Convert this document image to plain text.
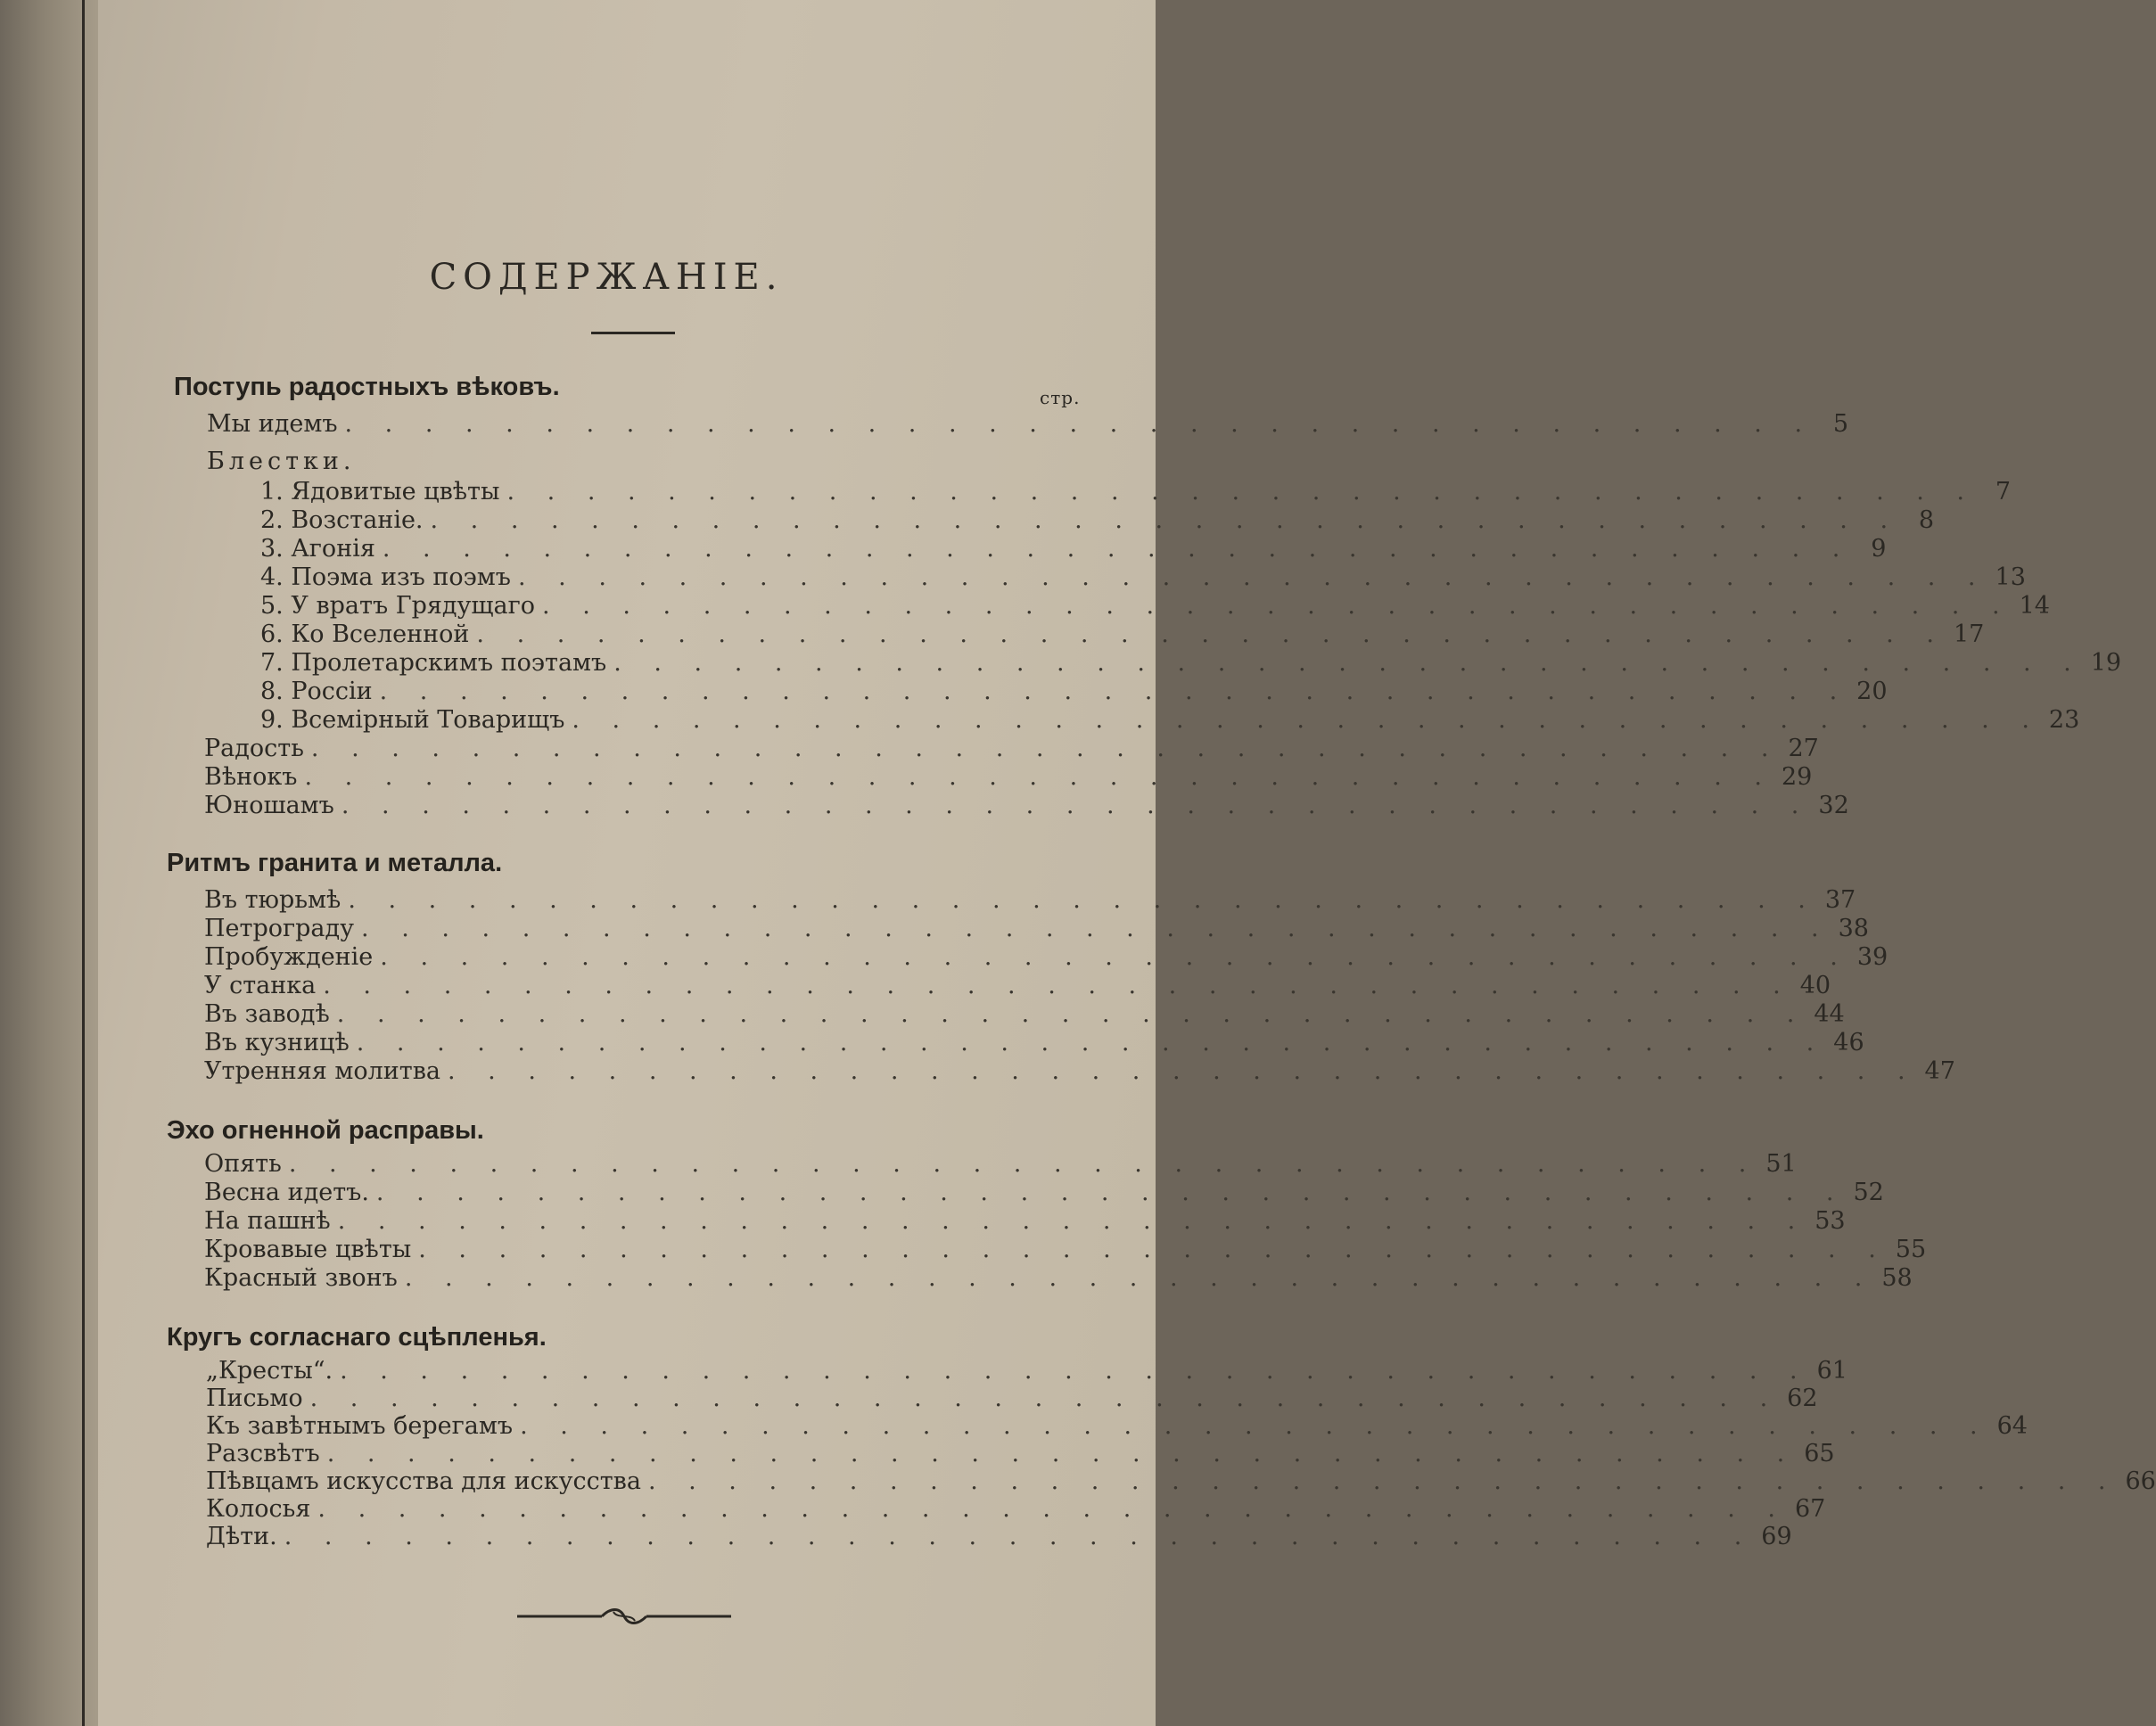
СОДЕРЖАНІЕ.
стр.
Поступь радостныхъ вѣковъ.
Мы идемъ . . . . . . . . . . . . . . . . . . . . . . . . . . . . . . . . . . . . . 5
Блестки.
1. Ядовитые цвѣты . . . . . . . . . . . . . . . . . . . . . . . . . . . . . . . . . . . . . 7
2. Возстаніе. . . . . . . . . . . . . . . . . . . . . . . . . . . . . . . . . . . . . . 8
3. Агонія . . . . . . . . . . . . . . . . . . . . . . . . . . . . . . . . . . . . . 9
4. Поэма изъ поэмъ . . . . . . . . . . . . . . . . . . . . . . . . . . . . . . . . . . . . . 13
5. У вратъ Грядущаго . . . . . . . . . . . . . . . . . . . . . . . . . . . . . . . . . . . . . 14
6. Ко Вселенной . . . . . . . . . . . . . . . . . . . . . . . . . . . . . . . . . . . . . 17
7. Пролетарскимъ поэтамъ . . . . . . . . . . . . . . . . . . . . . . . . . . . . . . . . . . . . . 19
8. Россіи . . . . . . . . . . . . . . . . . . . . . . . . . . . . . . . . . . . . . 20
9. Всемірный Товарищъ . . . . . . . . . . . . . . . . . . . . . . . . . . . . . . . . . . . . . 23
Радость . . . . . . . . . . . . . . . . . . . . . . . . . . . . . . . . . . . . . 27
Вѣнокъ . . . . . . . . . . . . . . . . . . . . . . . . . . . . . . . . . . . . . 29
Юношамъ . . . . . . . . . . . . . . . . . . . . . . . . . . . . . . . . . . . . . 32
Ритмъ гранита и металла.
Въ тюрьмѣ . . . . . . . . . . . . . . . . . . . . . . . . . . . . . . . . . . . . . 37
Петрограду . . . . . . . . . . . . . . . . . . . . . . . . . . . . . . . . . . . . . 38
Пробужденіе . . . . . . . . . . . . . . . . . . . . . . . . . . . . . . . . . . . . . 39
У станка . . . . . . . . . . . . . . . . . . . . . . . . . . . . . . . . . . . . . 40
Въ заводѣ . . . . . . . . . . . . . . . . . . . . . . . . . . . . . . . . . . . . . 44
Въ кузницѣ . . . . . . . . . . . . . . . . . . . . . . . . . . . . . . . . . . . . . 46
Утренняя молитва . . . . . . . . . . . . . . . . . . . . . . . . . . . . . . . . . . . . . 47
Эхо огненной расправы.
Опять . . . . . . . . . . . . . . . . . . . . . . . . . . . . . . . . . . . . . 51
Весна идетъ. . . . . . . . . . . . . . . . . . . . . . . . . . . . . . . . . . . . . . 52
На пашнѣ . . . . . . . . . . . . . . . . . . . . . . . . . . . . . . . . . . . . . 53
Кровавые цвѣты . . . . . . . . . . . . . . . . . . . . . . . . . . . . . . . . . . . . . 55
Красный звонъ . . . . . . . . . . . . . . . . . . . . . . . . . . . . . . . . . . . . . 58
Кругъ согласнаго сцѣпленья.
„Кресты“. . . . . . . . . . . . . . . . . . . . . . . . . . . . . . . . . . . . . . 61
Письмо . . . . . . . . . . . . . . . . . . . . . . . . . . . . . . . . . . . . . 62
Къ завѣтнымъ берегамъ . . . . . . . . . . . . . . . . . . . . . . . . . . . . . . . . . . . . . 64
Разсвѣтъ . . . . . . . . . . . . . . . . . . . . . . . . . . . . . . . . . . . . . 65
Пѣвцамъ искусства для искусства . . . . . . . . . . . . . . . . . . . . . . . . . . . . . . . . . . . . . 66
Колосья . . . . . . . . . . . . . . . . . . . . . . . . . . . . . . . . . . . . . 67
Дѣти. . . . . . . . . . . . . . . . . . . . . . . . . . . . . . . . . . . . . . 69
